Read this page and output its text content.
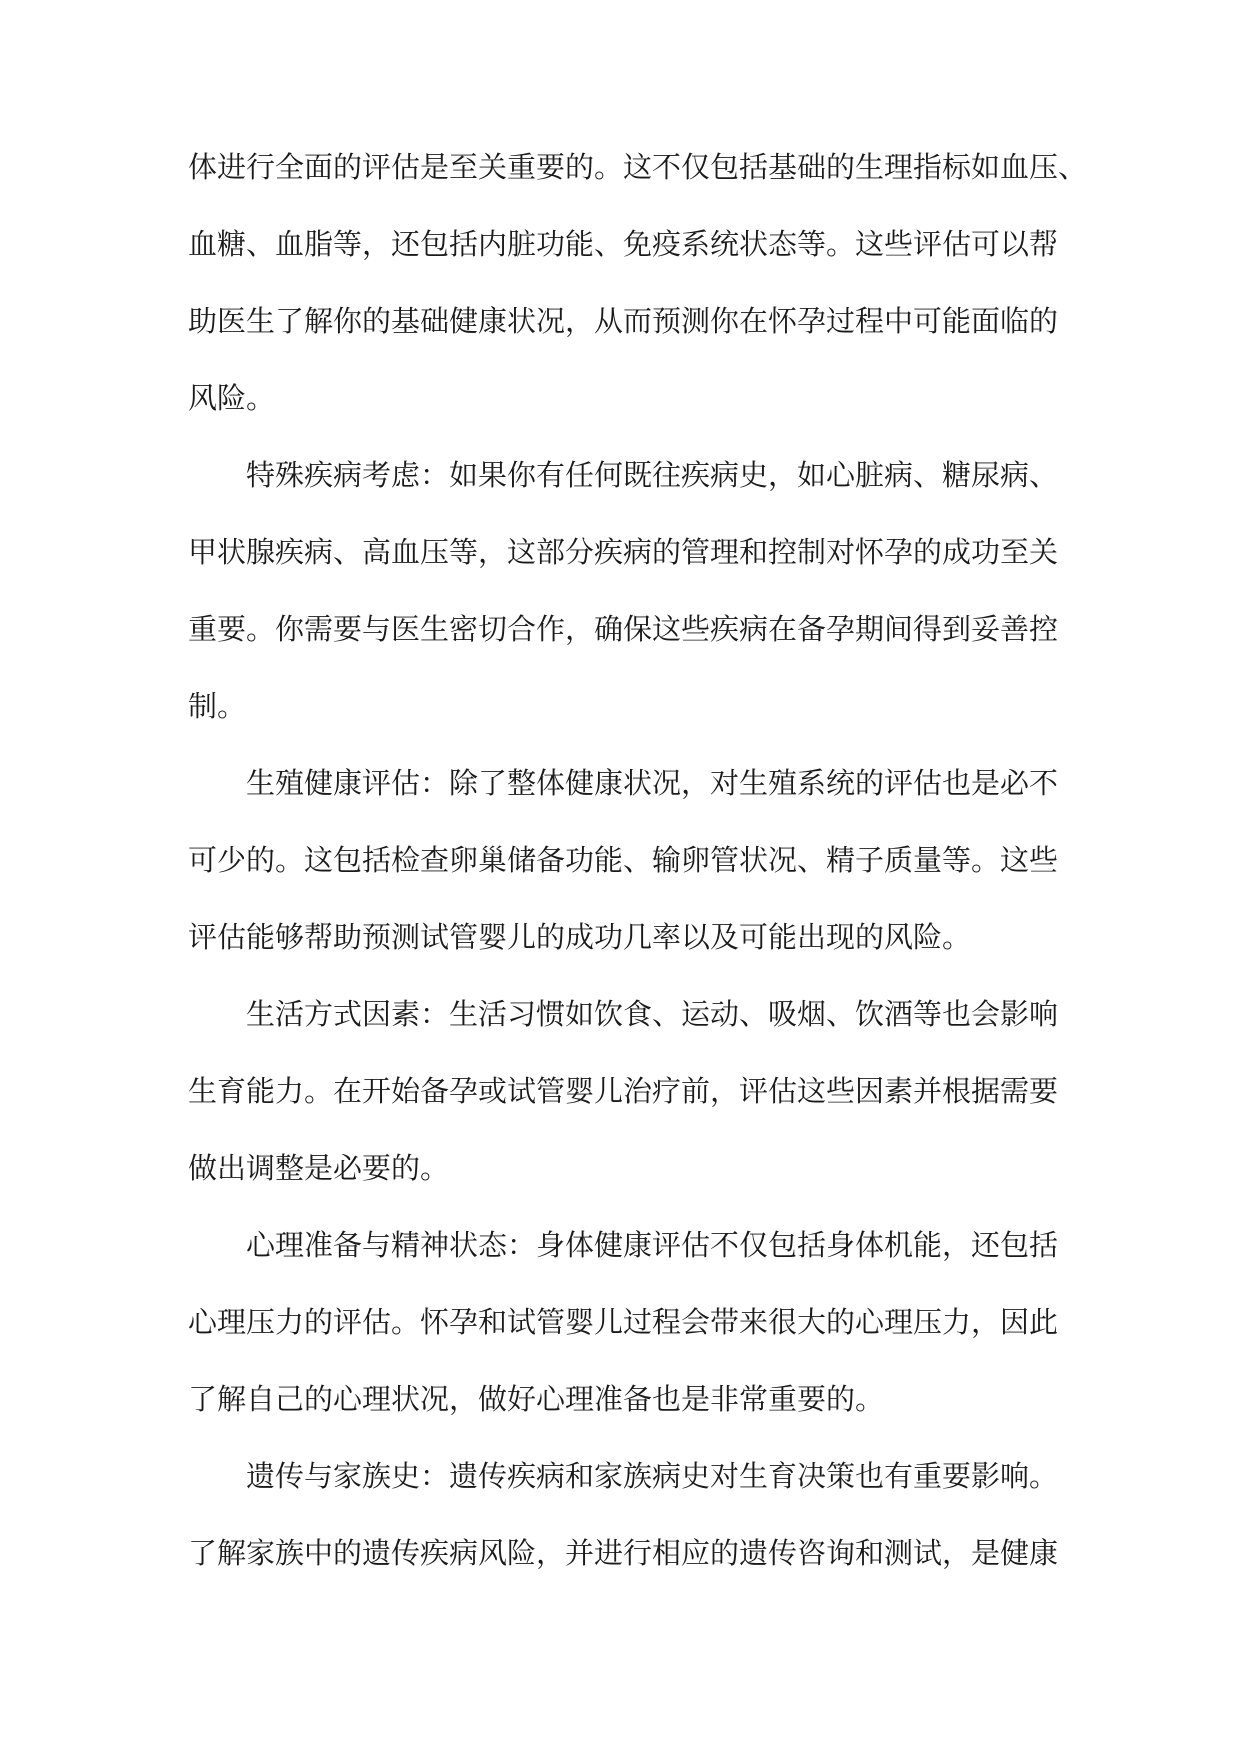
体进行全面的评估是至关重要的。这不仅包括基础的生理指标如血压、
血糖、血脂等，还包括内脏功能、免疫系统状态等。这些评估可以帮
助医生了解你的基础健康状况，从而预测你在怀孕过程中可能面临的
风险。
特殊疾病考虑：如果你有任何既往疾病史，如心脏病、糖尿病、
甲状腺疾病、高血压等，这部分疾病的管理和控制对怀孕的成功至关
重要。你需要与医生密切合作，确保这些疾病在备孕期间得到妥善控
制。
生殖健康评估：除了整体健康状况，对生殖系统的评估也是必不
可少的。这包括检查卵巢储备功能、输卵管状况、精子质量等。这些
评估能够帮助预测试管婴儿的成功几率以及可能出现的风险。
生活方式因素：生活习惯如饮食、运动、吸烟、饮酒等也会影响
生育能力。在开始备孕或试管婴儿治疗前，评估这些因素并根据需要
做出调整是必要的。
心理准备与精神状态：身体健康评估不仅包括身体机能，还包括
心理压力的评估。怀孕和试管婴儿过程会带来很大的心理压力，因此
了解自己的心理状况，做好心理准备也是非常重要的。
遗传与家族史：遗传疾病和家族病史对生育决策也有重要影响。
了解家族中的遗传疾病风险，并进行相应的遗传咨询和测试，是健康
